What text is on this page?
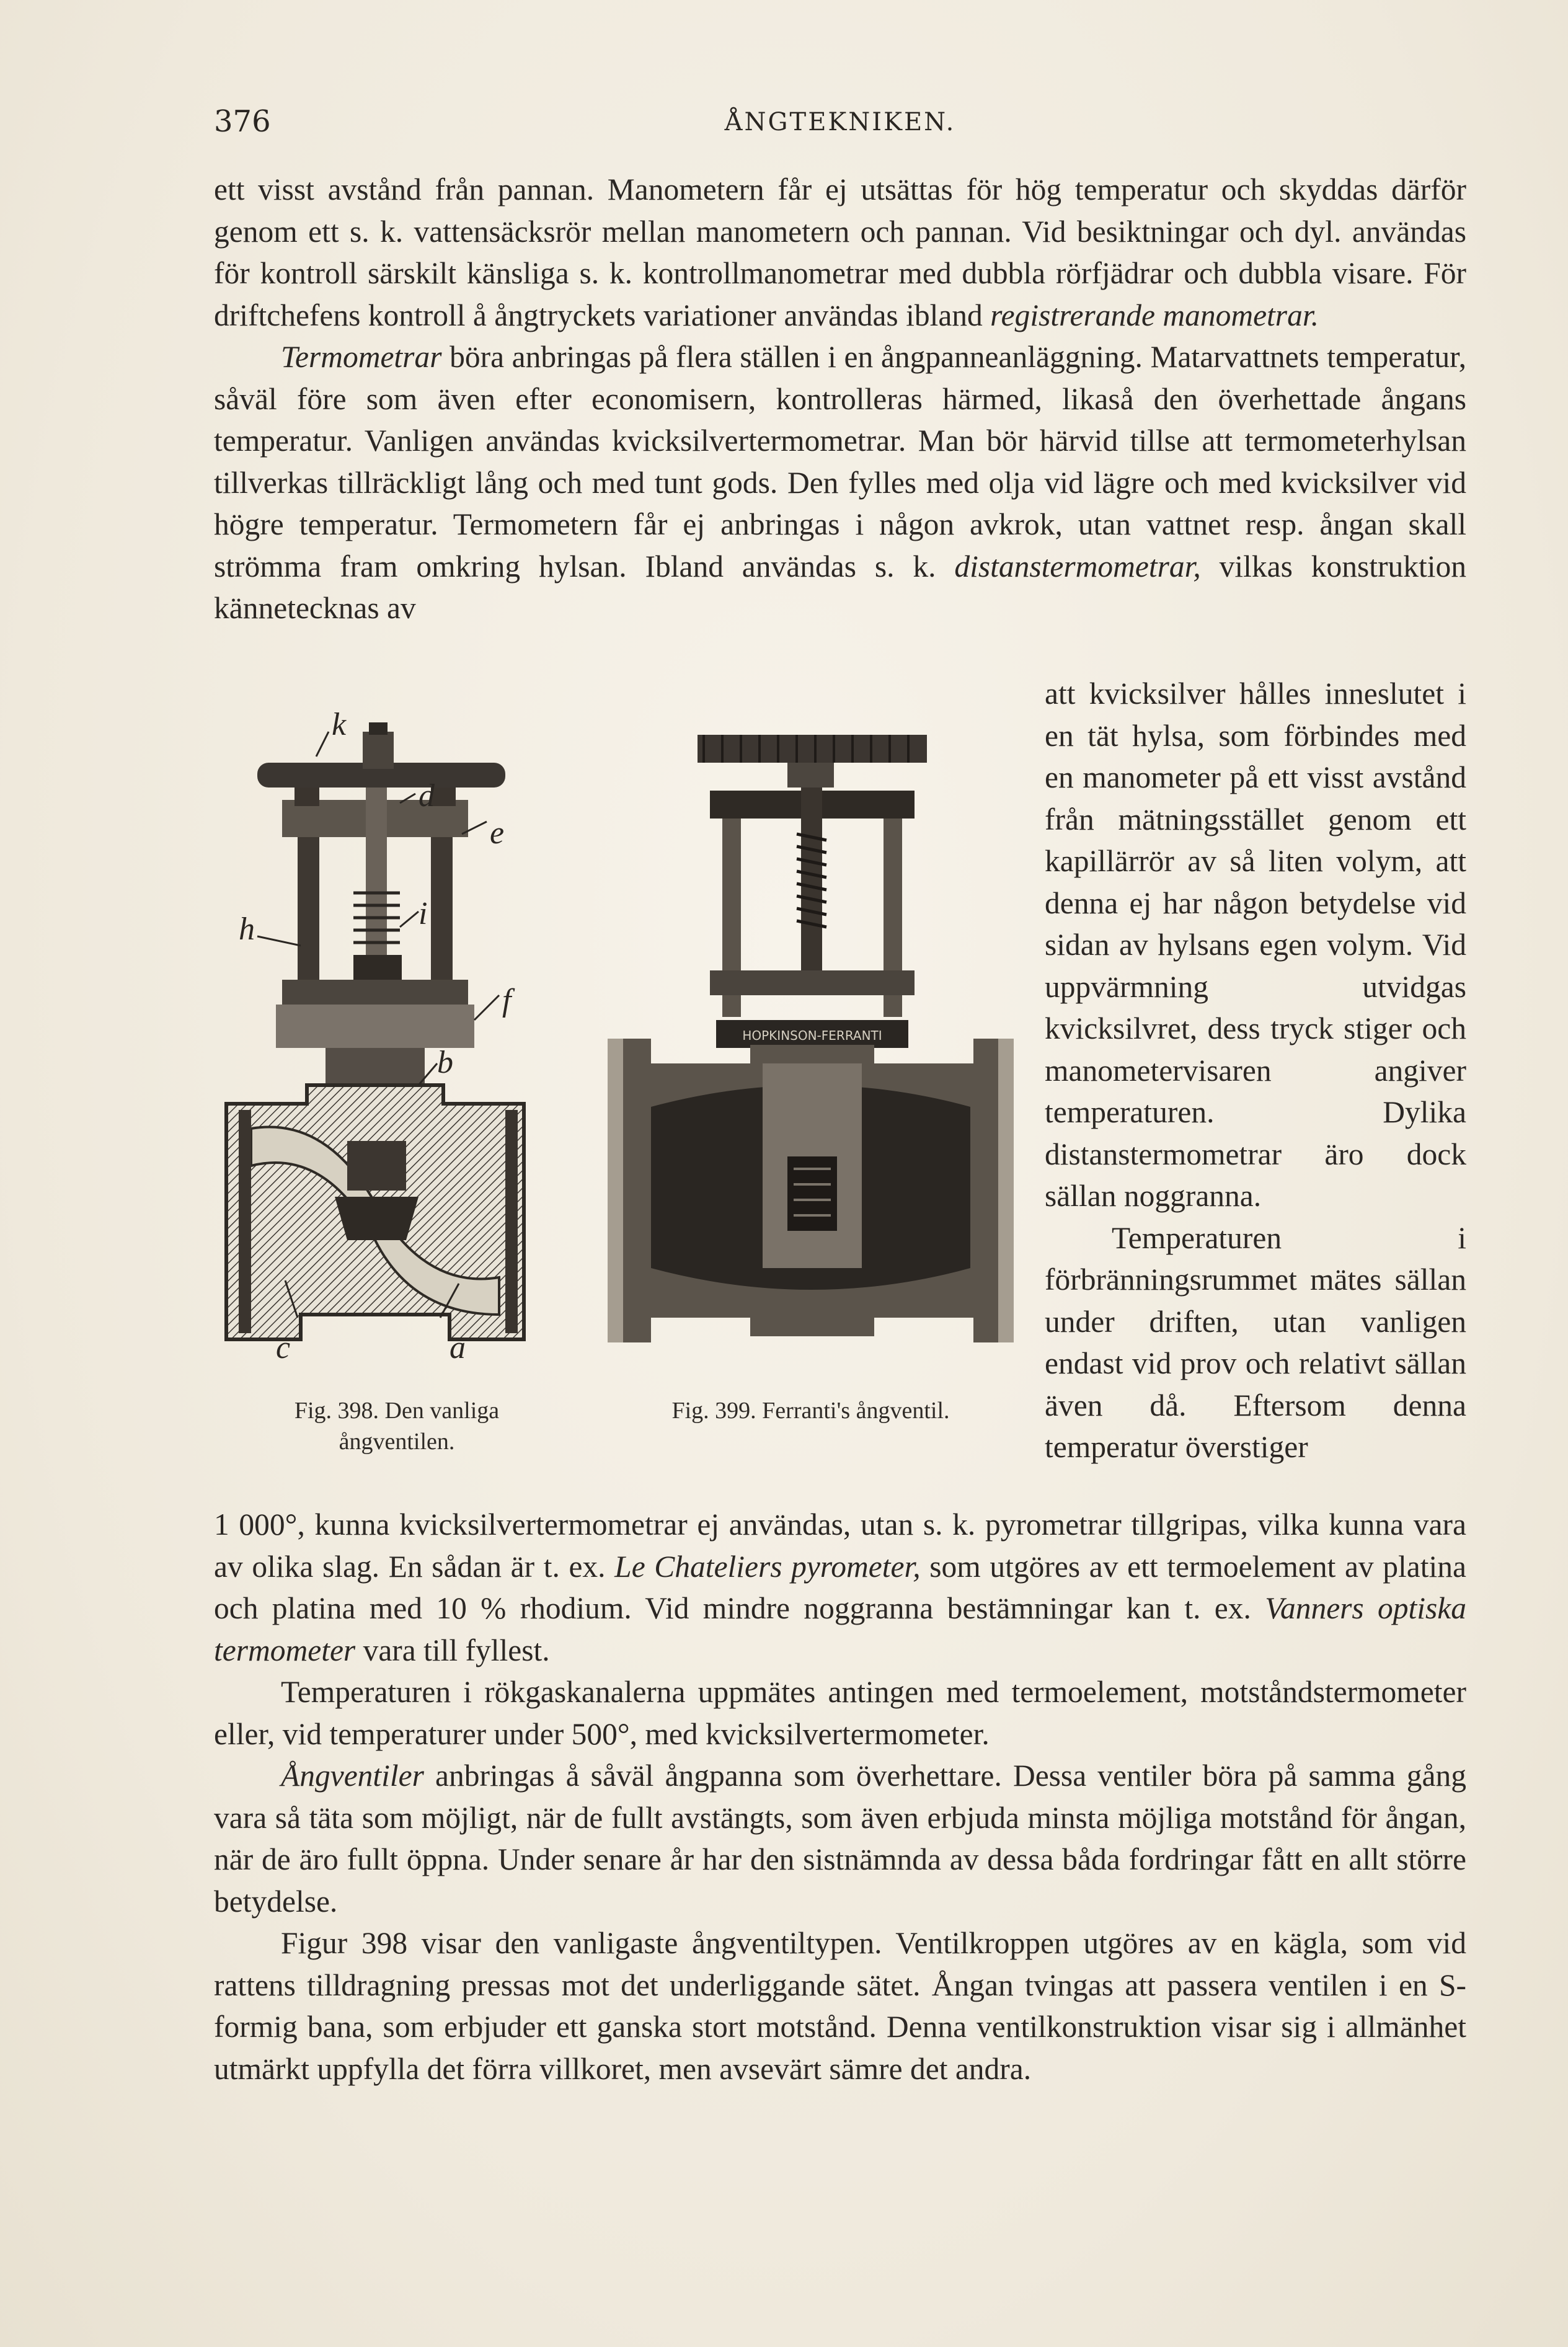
376	ÅNGTEKNIKEN.

ett visst avstånd från pannan. Manometern får ej utsättas för hög temperatur och skyddas därför genom ett s. k. vattensäcksrör mellan manometern och pannan. Vid besiktningar och dyl. användas för kontroll särskilt känsliga s. k. kontrollmanometrar med dubbla rörfjädrar och dubbla visare. För driftchefens kontroll å ångtryckets variationer användas ibland registrerande manometrar.

Termometrar böra anbringas på flera ställen i en ångpanneanläggning. Matarvattnets temperatur, såväl före som även efter economisern, kontrolleras härmed, likaså den överhettade ångans temperatur. Vanligen användas kvicksilvertermometrar. Man bör härvid tillse att termometerhylsan tillverkas tillräckligt lång och med tunt gods. Den fylles med olja vid lägre och med kvicksilver vid högre temperatur. Termometern får ej anbringas i någon avkrok, utan vattnet resp. ångan skall strömma fram omkring hylsan. Ibland användas s. k. distanstermometrar, vilkas konstruktion kännetecknas av

k
d
e
h	i
f
b
c	a
HOPKINSON-FERRANTI
Fig. 398. Den vanliga
ångventilen.
Fig. 399. Ferranti's ångventil.

att kvicksilver hålles inneslutet i en tät hylsa, som förbindes med en manometer på ett visst avstånd från mätningsstället genom ett kapillärrör av så liten volym, att denna ej har någon betydelse vid sidan av hylsans egen volym. Vid uppvärmning utvidgas kvicksilvret, dess tryck stiger och manometervisaren angiver temperaturen. Dylika distanstermometrar äro dock sällan noggranna.

Temperaturen i förbränningsrummet mätes sällan under driften, utan vanligen endast vid prov och relativt sällan även då. Eftersom denna temperatur överstiger

1 000°, kunna kvicksilvertermometrar ej användas, utan s. k. pyrometrar tillgripas, vilka kunna vara av olika slag. En sådan är t. ex. Le Chateliers pyrometer, som utgöres av ett termoelement av platina och platina med 10 % rhodium. Vid mindre noggranna bestämningar kan t. ex. Vanners optiska termometer vara till fyllest.

Temperaturen i rökgaskanalerna uppmätes antingen med termoelement, motståndstermometer eller, vid temperaturer under 500°, med kvicksilvertermometer.

Ångventiler anbringas å såväl ångpanna som överhettare. Dessa ventiler böra på samma gång vara så täta som möjligt, när de fullt avstängts, som även erbjuda minsta möjliga motstånd för ångan, när de äro fullt öppna. Under senare år har den sistnämnda av dessa båda fordringar fått en allt större betydelse.

Figur 398 visar den vanligaste ångventiltypen. Ventilkroppen utgöres av en kägla, som vid rattens tilldragning pressas mot det underliggande sätet. Ångan tvingas att passera ventilen i en S-formig bana, som erbjuder ett ganska stort motstånd. Denna ventilkonstruktion visar sig i allmänhet utmärkt uppfylla det förra villkoret, men avsevärt sämre det andra.
